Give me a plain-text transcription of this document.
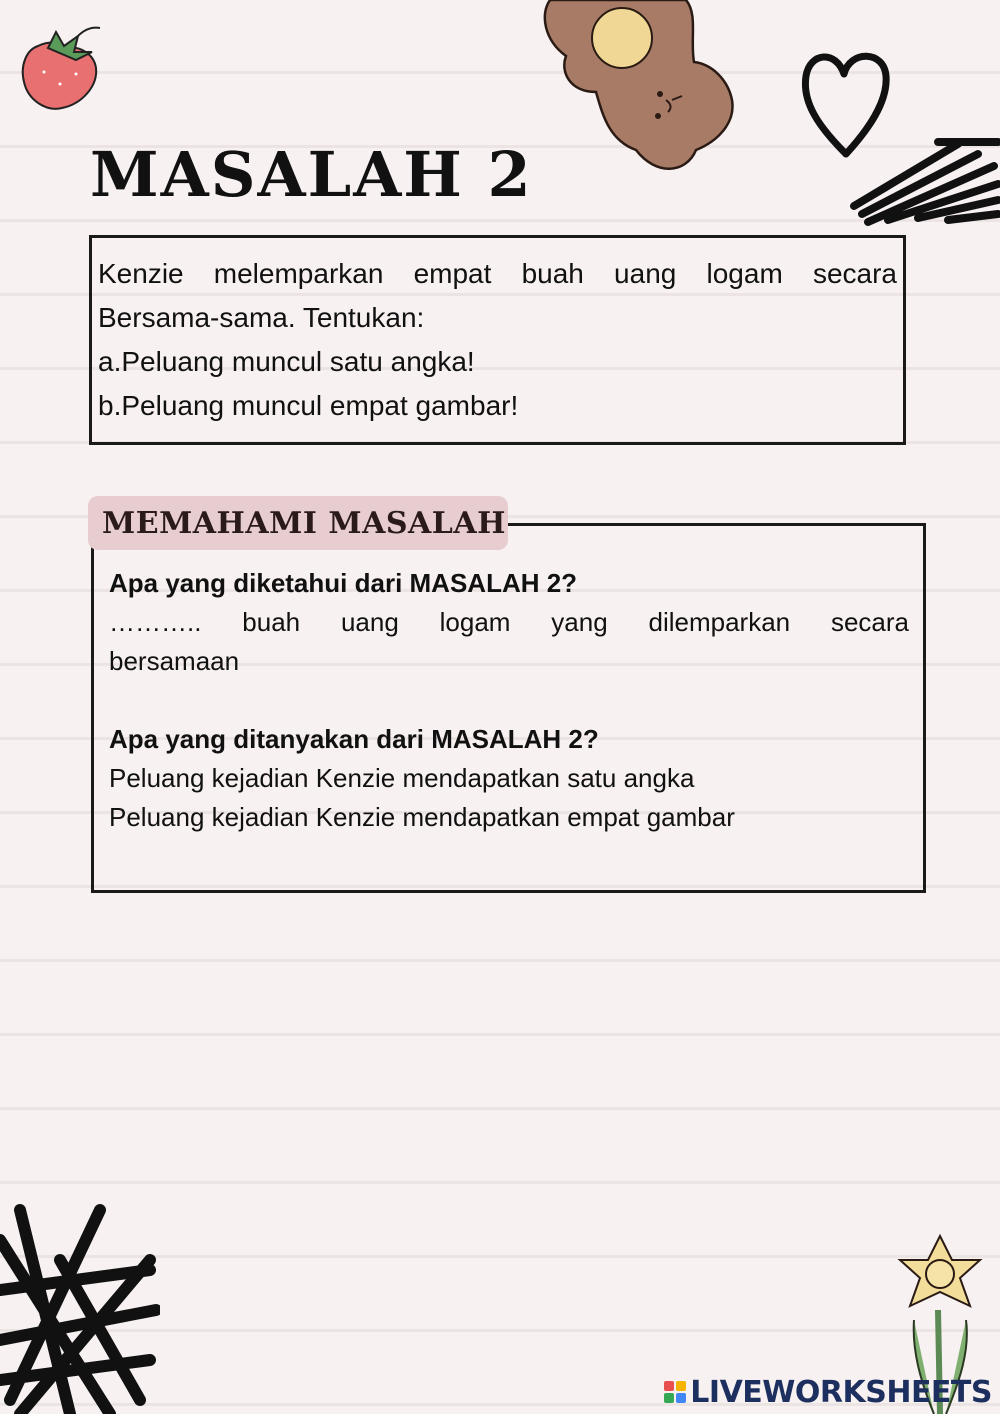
MASALAH 2

Kenzie melemparkan empat buah uang logam secara

Bersama-sama. Tentukan:

a.Peluang muncul satu angka!

b.Peluang muncul empat gambar!

MEMAHAMI MASALAH

Apa yang diketahui dari MASALAH 2?

……….. buah uang logam yang dilemparkan secara

bersamaan

Apa yang ditanyakan dari MASALAH 2?

Peluang kejadian Kenzie mendapatkan satu angka

Peluang kejadian Kenzie mendapatkan empat gambar

LIVEWORKSHEETS
